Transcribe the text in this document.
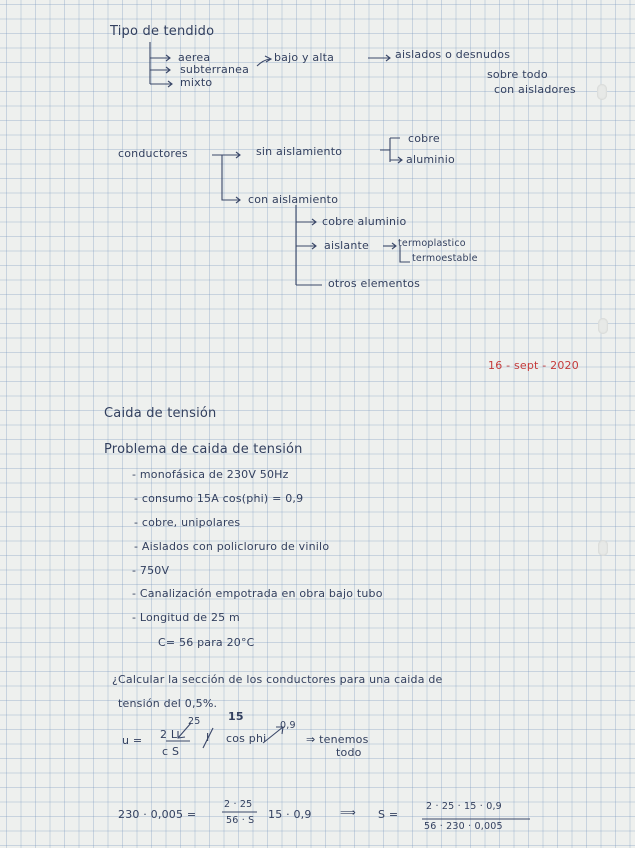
Tipo de tendido
aerea
subterranea
mixto
bajo y alta	aislados o desnudos
sobre todo
con aisladores
conductores	sin aislamiento
cobre
aluminio
con aislamiento
cobre aluminio
aislante	termoplastico
termoestable
otros elementos
16 - sept - 2020
Caida de tensión
Problema de caida de tensión
- monofásica de 230V 50Hz
- consumo 15A cos(phi) = 0,9
- cobre, unipolares
- Aislados con policloruro de vinilo
- 750V
- Canalización empotrada en obra bajo tubo
- Longitud de 25 m
C= 56 para 20°C
¿Calcular la sección de los conductores para una caida de
tensión del 0,5%.
u = 2 L
c S
25	15
I
0,9
cos phi	⇒ tenemos
todo
230 · 0,005 =
2 · 25
56 · S 15 · 0,9	⟹ S =
2 · 25 · 15 · 0,9
56 · 230 · 0,005
